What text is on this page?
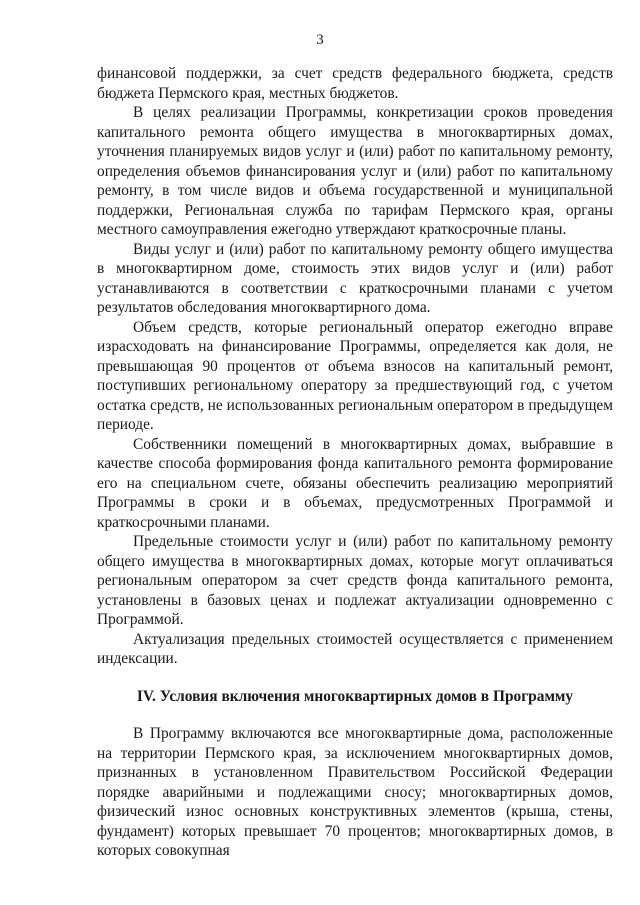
3

финансовой поддержки, за счет средств федерального бюджета, средств бюджета Пермского края, местных бюджетов.

В целях реализации Программы, конкретизации сроков проведения капитального ремонта общего имущества в многоквартирных домах, уточнения планируемых видов услуг и (или) работ по капитальному ремонту, определения объемов финансирования услуг и (или) работ по капитальному ремонту, в том числе видов и объема государственной и муниципальной поддержки, Региональная служба по тарифам Пермского края, органы местного самоуправления ежегодно утверждают краткосрочные планы.

Виды услуг и (или) работ по капитальному ремонту общего имущества в многоквартирном доме, стоимость этих видов услуг и (или) работ устанавливаются в соответствии с краткосрочными планами с учетом результатов обследования многоквартирного дома.

Объем средств, которые региональный оператор ежегодно вправе израсходовать на финансирование Программы, определяется как доля, не превышающая 90 процентов от объема взносов на капитальный ремонт, поступивших региональному оператору за предшествующий год, с учетом остатка средств, не использованных региональным оператором в предыдущем периоде.

Собственники помещений в многоквартирных домах, выбравшие в качестве способа формирования фонда капитального ремонта формирование его на специальном счете, обязаны обеспечить реализацию мероприятий Программы в сроки и в объемах, предусмотренных Программой и краткосрочными планами.

Предельные стоимости услуг и (или) работ по капитальному ремонту общего имущества в многоквартирных домах, которые могут оплачиваться региональным оператором за счет средств фонда капитального ремонта, установлены в базовых ценах и подлежат актуализации одновременно с Программой.

Актуализация предельных стоимостей осуществляется с применением индексации.

IV. Условия включения многоквартирных домов в Программу

В Программу включаются все многоквартирные дома, расположенные на территории Пермского края, за исключением многоквартирных домов, признанных в установленном Правительством Российской Федерации порядке аварийными и подлежащими сносу; многоквартирных домов, физический износ основных конструктивных элементов (крыша, стены, фундамент) которых превышает 70 процентов; многоквартирных домов, в которых совокупная
